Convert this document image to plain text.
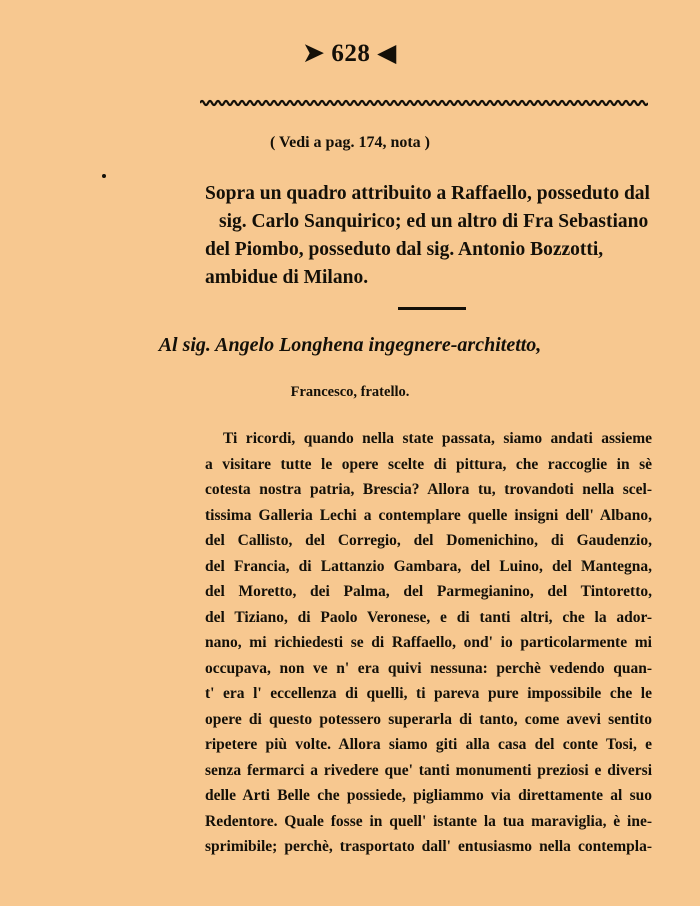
➤ 628 ◀
( Vedi a pag. 174, nota )
Sopra un quadro attribuito a Raffaello, posseduto dal
sig. Carlo Sanquirico; ed un altro di Fra Sebastiano
del Piombo, posseduto dal sig. Antonio Bozzotti,
ambidue di Milano.
Al sig. Angelo Longhena ingegnere-architetto,
Francesco, fratello.
Ti ricordi, quando nella state passata, siamo andati assieme
a visitare tutte le opere scelte di pittura, che raccoglie in sè
cotesta nostra patria, Brescia? Allora tu, trovandoti nella scel-
tissima Galleria Lechi a contemplare quelle insigni dell' Albano,
del Callisto, del Corregio, del Domenichino, di Gaudenzio,
del Francia, di Lattanzio Gambara, del Luino, del Mantegna,
del Moretto, dei Palma, del Parmegianino, del Tintoretto,
del Tiziano, di Paolo Veronese, e di tanti altri, che la ador-
nano, mi richiedesti se di Raffaello, ond' io particolarmente mi
occupava, non ve n' era quivi nessuna: perchè vedendo quan-
t' era l' eccellenza di quelli, ti pareva pure impossibile che le
opere di questo potessero superarla di tanto, come avevi sentito
ripetere più volte. Allora siamo giti alla casa del conte Tosi, e
senza fermarci a rivedere que' tanti monumenti preziosi e diversi
delle Arti Belle che possiede, pigliammo via direttamente al suo
Redentore. Quale fosse in quell' istante la tua maraviglia, è ine-
sprimibile; perchè, trasportato dall' entusiasmo nella contempla-
